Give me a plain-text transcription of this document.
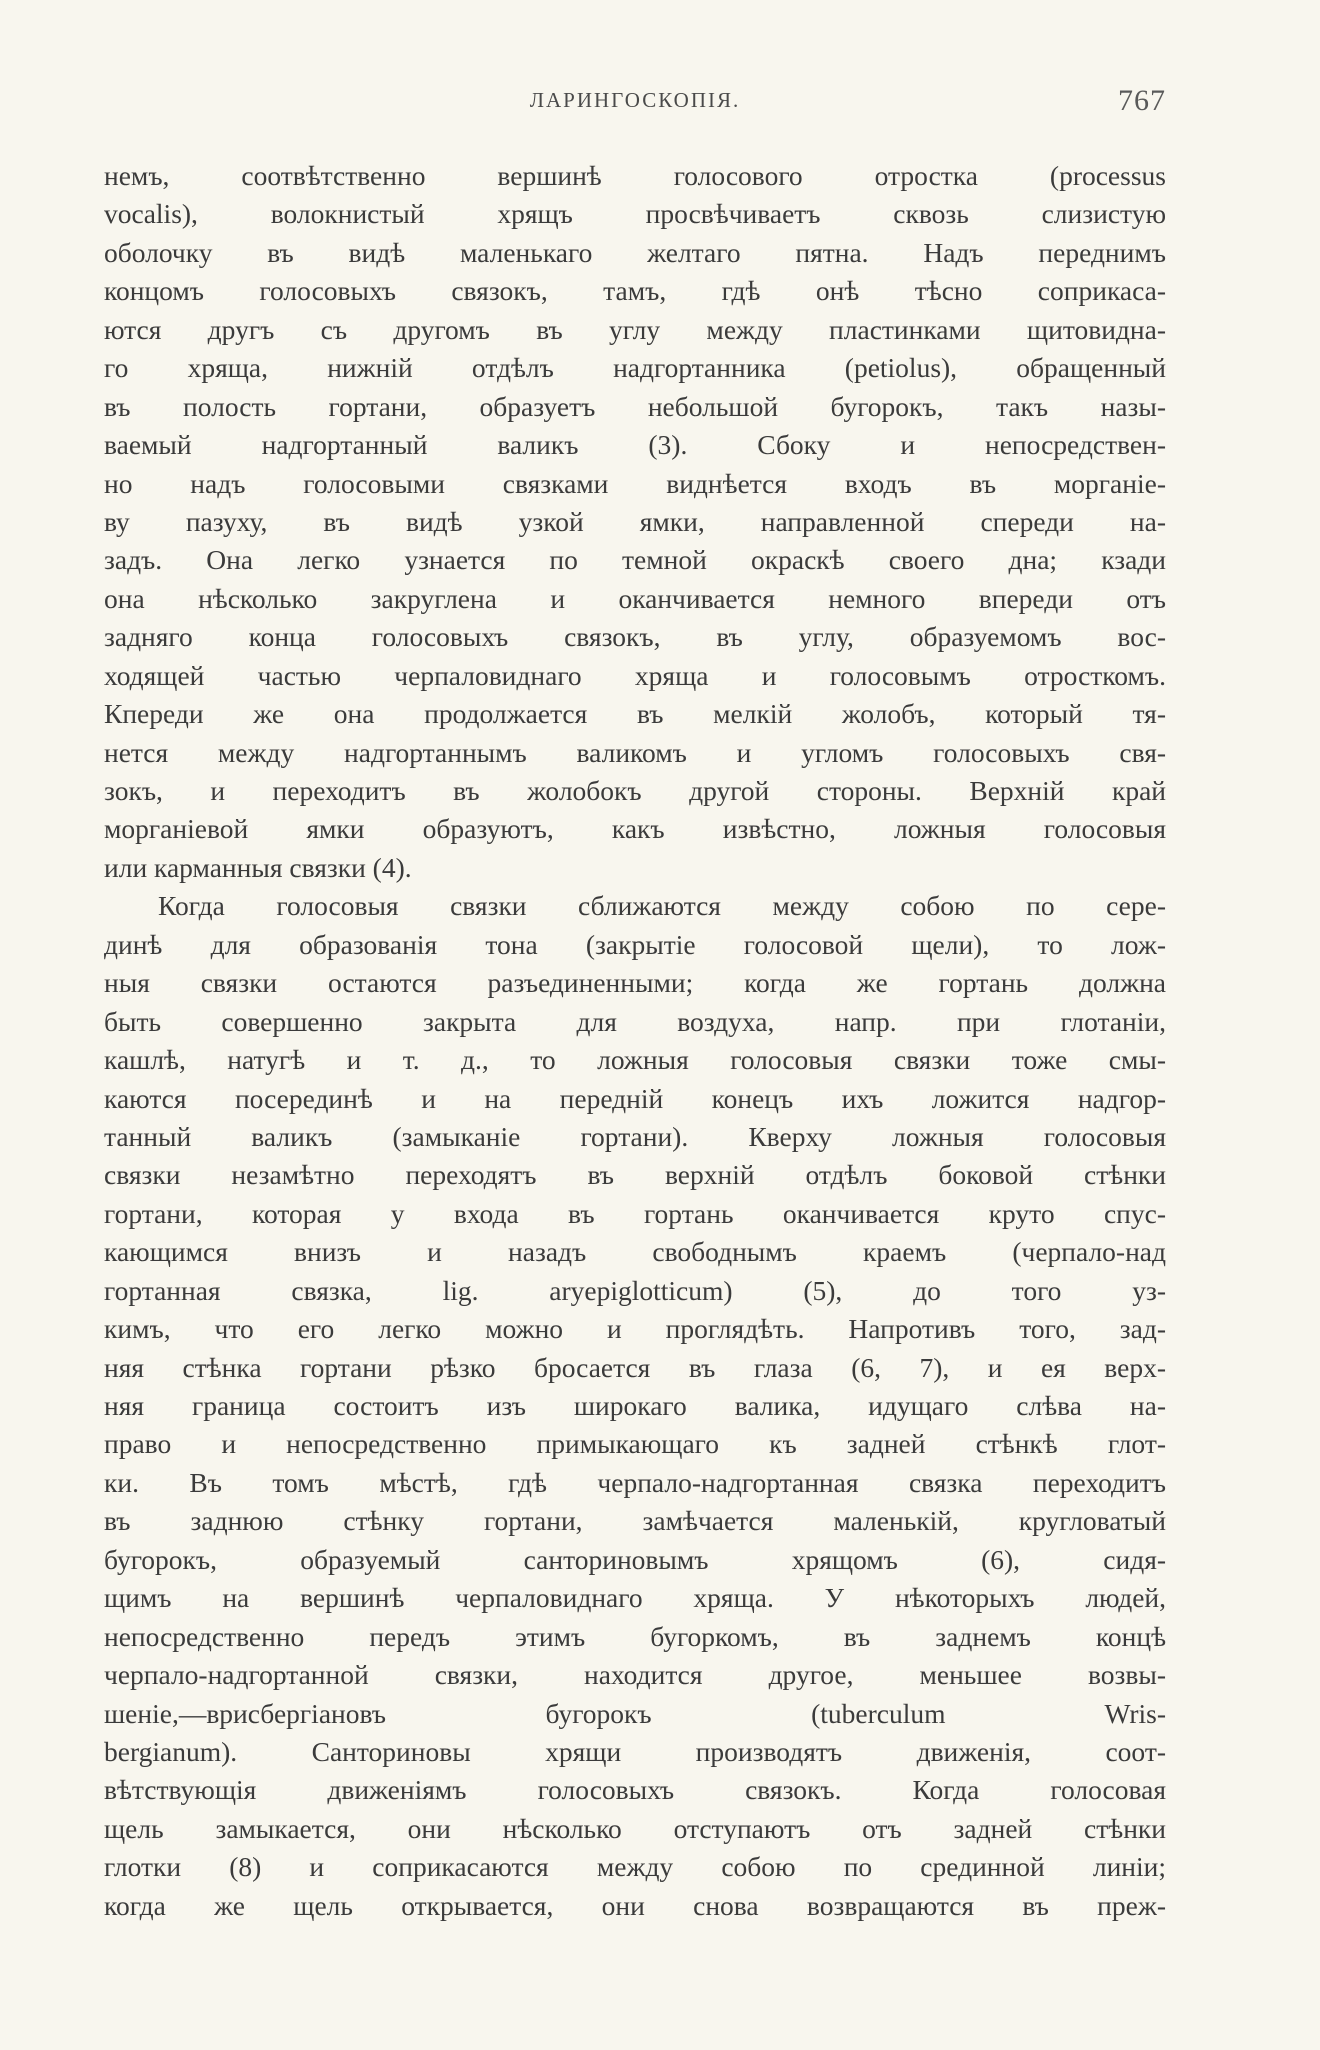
ЛАРИНГОСКОПІЯ.	767
немъ, соотвѣтственно вершинѣ голосового отростка (processus
vocalis), волокнистый хрящъ просвѣчиваетъ сквозь слизистую
оболочку въ видѣ маленькаго желтаго пятна. Надъ переднимъ
концомъ голосовыхъ связокъ, тамъ, гдѣ онѣ тѣсно соприкаса-
ются другъ съ другомъ въ углу между пластинками щитовидна-
го хряща, нижній отдѣлъ надгортанника (petiolus), обращенный
въ полость гортани, образуетъ небольшой бугорокъ, такъ назы-
ваемый надгортанный валикъ (3). Сбоку и непосредствен-
но надъ голосовыми связками виднѣется входъ въ морганіе-
ву пазуху, въ видѣ узкой ямки, направленной спереди на-
задъ. Она легко узнается по темной окраскѣ своего дна; кзади
она нѣсколько закруглена и оканчивается немного впереди отъ
задняго конца голосовыхъ связокъ, въ углу, образуемомъ вос-
ходящей частью черпаловиднаго хряща и голосовымъ отросткомъ.
Кпереди же она продолжается въ мелкій жолобъ, который тя-
нется между надгортаннымъ валикомъ и угломъ голосовыхъ свя-
зокъ, и переходитъ въ жолобокъ другой стороны. Верхній край
морганіевой ямки образуютъ, какъ извѣстно, ложныя голосовыя
или карманныя связки (4).
Когда голосовыя связки сближаются между собою по сере-
динѣ для образованія тона (закрытіе голосовой щели), то лож-
ныя связки остаются разъединенными; когда же гортань должна
быть совершенно закрыта для воздуха, напр. при глотаніи,
кашлѣ, натугѣ и т. д., то ложныя голосовыя связки тоже смы-
каются посерединѣ и на передній конецъ ихъ ложится надгор-
танный валикъ (замыканіе гортани). Кверху ложныя голосовыя
связки незамѣтно переходятъ въ верхній отдѣлъ боковой стѣнки
гортани, которая у входа въ гортань оканчивается круто спус-
кающимся внизъ и назадъ свободнымъ краемъ (черпало-над
гортанная связка, lig. aryepiglotticum) (5), до того уз-
кимъ, что его легко можно и проглядѣть. Напротивъ того, зад-
няя стѣнка гортани рѣзко бросается въ глаза (6, 7), и ея верх-
няя граница состоитъ изъ широкаго валика, идущаго слѣва на-
право и непосредственно примыкающаго къ задней стѣнкѣ глот-
ки. Въ томъ мѣстѣ, гдѣ черпало-надгортанная связка переходитъ
въ заднюю стѣнку гортани, замѣчается маленькій, кругловатый
бугорокъ, образуемый санториновымъ хрящомъ (6), сидя-
щимъ на вершинѣ черпаловиднаго хряща. У нѣкоторыхъ людей,
непосредственно передъ этимъ бугоркомъ, въ заднемъ концѣ
черпало-надгортанной связки, находится другое, меньшее возвы-
шеніе,—врисбергіановъ бугорокъ (tuberculum Wris-
bergianum). Санториновы хрящи производятъ движенія, соот-
вѣтствующія движеніямъ голосовыхъ связокъ. Когда голосовая
щель замыкается, они нѣсколько отступаютъ отъ задней стѣнки
глотки (8) и соприкасаются между собою по срединной линіи;
когда же щель открывается, они снова возвращаются въ преж-
